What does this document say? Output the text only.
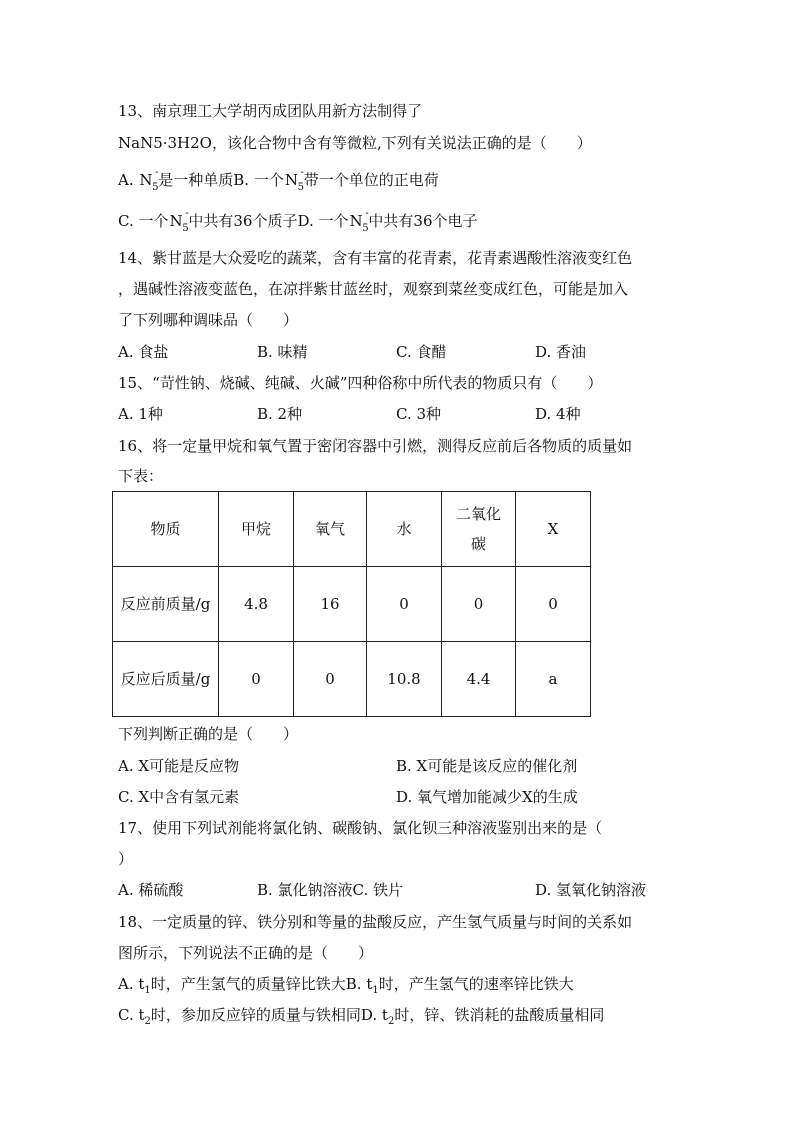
13、南京理工大学胡丙成团队用新方法制得了
NaN5·3H2O，该化合物中含有等微粒,下列有关说法正确的是（　　）
A. N -
5 是一种单质B. 一个N -
5 带一个单位的正电荷
C. 一个N -
5 中共有36个质子D. 一个N -
5 中共有36个电子
14、紫甘蓝是大众爱吃的蔬菜，含有丰富的花青素，花青素遇酸性溶液变红色
，遇碱性溶液变蓝色，在凉拌紫甘蓝丝时，观察到菜丝变成红色，可能是加入
了下列哪种调味品（　　）
A. 食盐	B. 味精	C. 食醋	D. 香油
15、“苛性钠、烧碱、纯碱、火碱”四种俗称中所代表的物质只有（　　）
A. 1种	B. 2种	C. 3种	D. 4种
16、将一定量甲烷和氧气置于密闭容器中引燃，测得反应前后各物质的质量如
下表：
物质	甲烷	氧气	水	二氧化碳	X
反应前质量/g	4.8	16	0	0	0
反应后质量/g	0	0	10.8	4.4	a
下列判断正确的是（　　）
A. X可能是反应物	B. X可能是该反应的催化剂
C. X中含有氢元素	D. 氧气增加能减少X的生成
17、使用下列试剂能将氯化钠、碳酸钠、氯化钡三种溶液鉴别出来的是（
）
A. 稀硫酸	B. 氯化钠溶液C. 铁片	D. 氢氧化钠溶液
18、一定质量的锌、铁分别和等量的盐酸反应，产生氢气质量与时间的关系如
图所示，下列说法不正确的是（　　）
A. $t_1$时，产生氢气的质量锌比铁大B. $t_1$时，产生氢气的速率锌比铁大
C. $t_2$时，参加反应锌的质量与铁相同D. $t_2$时，锌、铁消耗的盐酸质量相同
